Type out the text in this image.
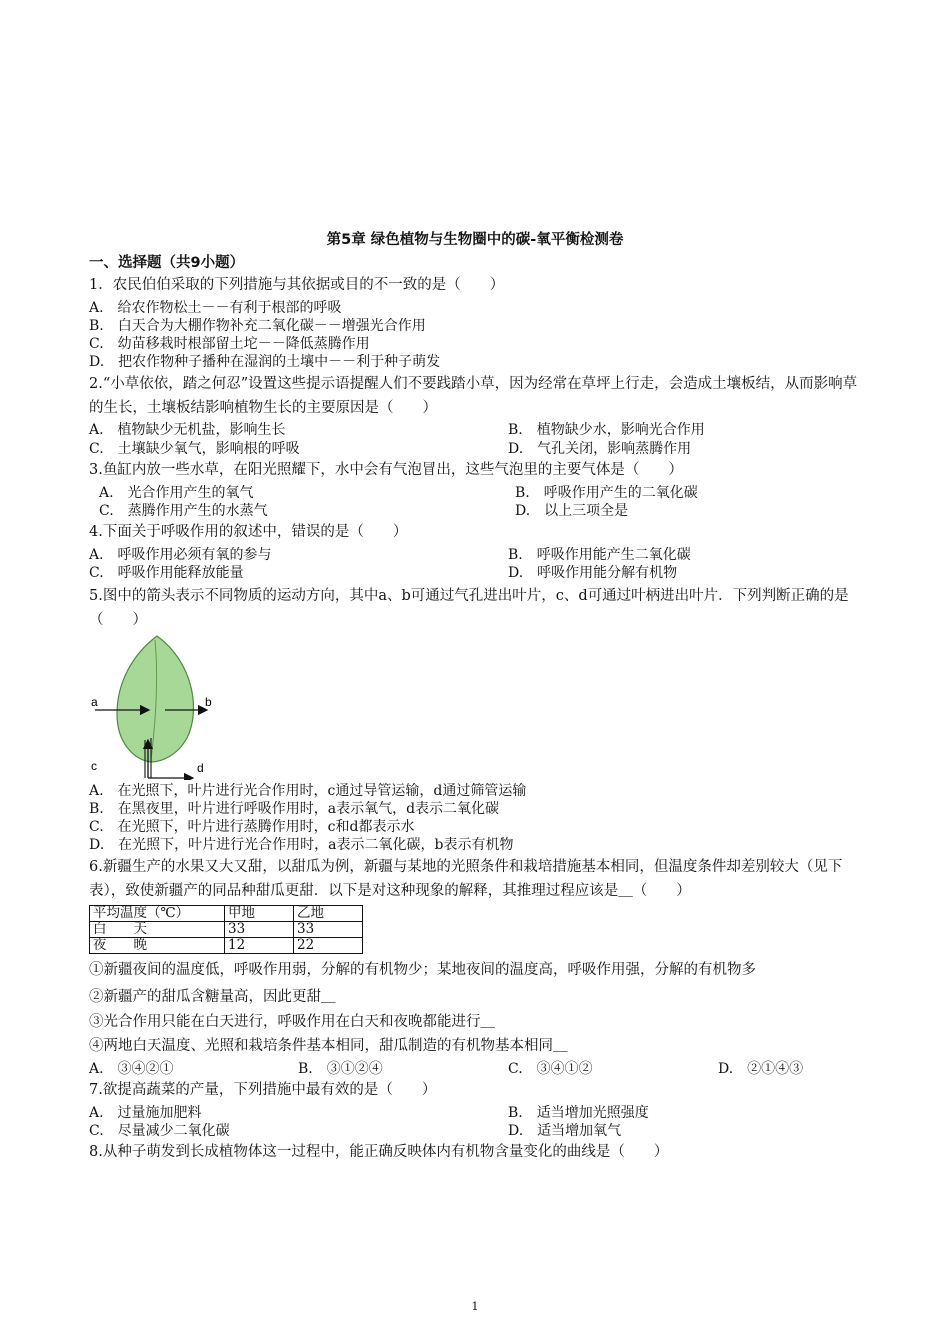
第5章 绿色植物与生物圈中的碳-氧平衡检测卷
一、选择题（共9小题）
1．农民伯伯采取的下列措施与其依据或目的不一致的是（　　）
A.　给农作物松土－－有利于根部的呼吸
B.　白天合为大棚作物补充二氧化碳－－增强光合作用
C.　幼苗移栽时根部留土坨－－降低蒸腾作用
D.　把农作物种子播种在湿润的土壤中－－利于种子萌发
2.“小草依依，踏之何忍”设置这些提示语提醒人们不要践踏小草，因为经常在草坪上行走，会造成土壤板结，从而影响草的生长，土壤板结影响植物生长的主要原因是（　　）
A.　植物缺少无机盐，影响生长	B.　植物缺少水，影响光合作用
C.　土壤缺少氧气，影响根的呼吸	D.　气孔关闭，影响蒸腾作用
3.鱼缸内放一些水草，在阳光照耀下，水中会有气泡冒出，这些气泡里的主要气体是（　　）
A.　光合作用产生的氧气	B.　呼吸作用产生的二氧化碳
C.　蒸腾作用产生的水蒸气	D.　以上三项全是
4.下面关于呼吸作用的叙述中，错误的是（　　）
A.　呼吸作用必须有氧的参与	B.　呼吸作用能产生二氧化碳
C.　呼吸作用能释放能量	D.　呼吸作用能分解有机物
5.图中的箭头表示不同物质的运动方向，其中a、b可通过气孔进出叶片，c、d可通过叶柄进出叶片．下列判断正确的是（　　）
a	b
c	d
A.　在光照下，叶片进行光合作用时，c通过导管运输，d通过筛管运输
B.　在黑夜里，叶片进行呼吸作用时，a表示氧气，d表示二氧化碳
C.　在光照下，叶片进行蒸腾作用时，c和d都表示水
D.　在光照下，叶片进行光合作用时，a表示二氧化碳，b表示有机物
6.新疆生产的水果又大又甜，以甜瓜为例，新疆与某地的光照条件和栽培措施基本相同，但温度条件却差别较大（见下表），致使新疆产的同品种甜瓜更甜．以下是对这种现象的解释，其推理过程应该是＿（　　）
平均温度（℃）	甲地	乙地
白　　天	33	33
夜　　晚	12	22
①新疆夜间的温度低，呼吸作用弱，分解的有机物少；某地夜间的温度高，呼吸作用强，分解的有机物多
②新疆产的甜瓜含糖量高，因此更甜＿
③光合作用只能在白天进行，呼吸作用在白天和夜晚都能进行＿
④两地白天温度、光照和栽培条件基本相同，甜瓜制造的有机物基本相同＿
A.　③④②①	B.　③①②④	C.　③④①②	D.　②①④③
7.欲提高蔬菜的产量，下列措施中最有效的是（　　）
A.　过量施加肥料	B.　适当增加光照强度
C.　尽量减少二氧化碳	D.　适当增加氧气
8.从种子萌发到长成植物体这一过程中，能正确反映体内有机物含量变化的曲线是（　　）
1
